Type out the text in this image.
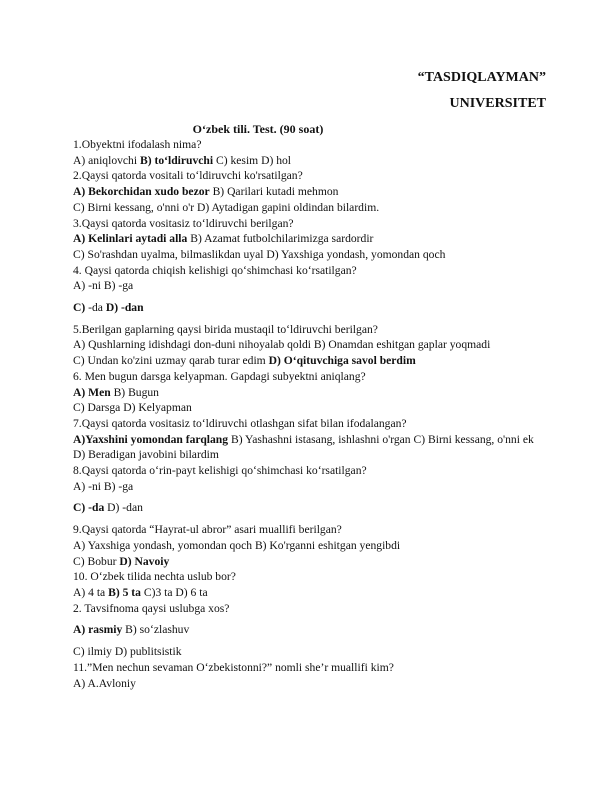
“TASDIQLAYMAN”
UNIVERSITET
O‘zbek tili. Test. (90 soat)
1.Obyektni ifodalash nima?
A) aniqlovchi B) to‘ldiruvchi C) kesim D) hol
2.Qaysi qatorda vositali to‘ldiruvchi ko'rsatilgan?
A) Bekorchidan xudo bezor B) Qarilari kutadi mehmon
C) Birni kessang, o'nni o'r D) Aytadigan gapini oldindan bilardim.
3.Qaysi qatorda vositasiz to‘ldiruvchi berilgan?
A) Kelinlari aytadi alla B) Azamat futbolchilarimizga sardordir
C) So'rashdan uyalma, bilmaslikdan uyal D) Yaxshiga yondash, yomondan qoch
4. Qaysi qatorda chiqish kelishigi qo‘shimchasi ko‘rsatilgan?
A) -ni B) -ga
C) -da D) -dan
5.Berilgan gaplarning qaysi birida mustaqil to‘ldiruvchi berilgan?
A) Qushlarning idishdagi don-duni nihoyalab qoldi B) Onamdan eshitgan gaplar yoqmadi
C) Undan ko'zini uzmay qarab turar edim D) O‘qituvchiga savol berdim
6. Men bugun darsga kelyapman. Gapdagi subyektni aniqlang?
A) Men B) Bugun
C) Darsga D) Kelyapman
7.Qaysi qatorda vositasiz to‘ldiruvchi otlashgan sifat bilan ifodalangan?
A)Yaxshini yomondan farqlang B) Yashashni istasang, ishlashni o'rgan C) Birni kessang, o'nni ek D) Beradigan javobini bilardim
8.Qaysi qatorda o‘rin-payt kelishigi qo‘shimchasi ko‘rsatilgan?
A) -ni B) -ga
C) -da D) -dan
9.Qaysi qatorda “Hayrat-ul abror” asari muallifi berilgan?
A) Yaxshiga yondash, yomondan qoch B) Ko'rganni eshitgan yengibdi
C) Bobur D) Navoiy
10. O‘zbek tilida nechta uslub bor?
A) 4 ta B) 5 ta C)3 ta D) 6 ta
2. Tavsifnoma qaysi uslubga xos?
A) rasmiy B) so‘zlashuv
C) ilmiy D) publitsistik
11.”Men nechun sevaman O‘zbekistonni?” nomli she’r muallifi kim?
A) A.Avloniy
